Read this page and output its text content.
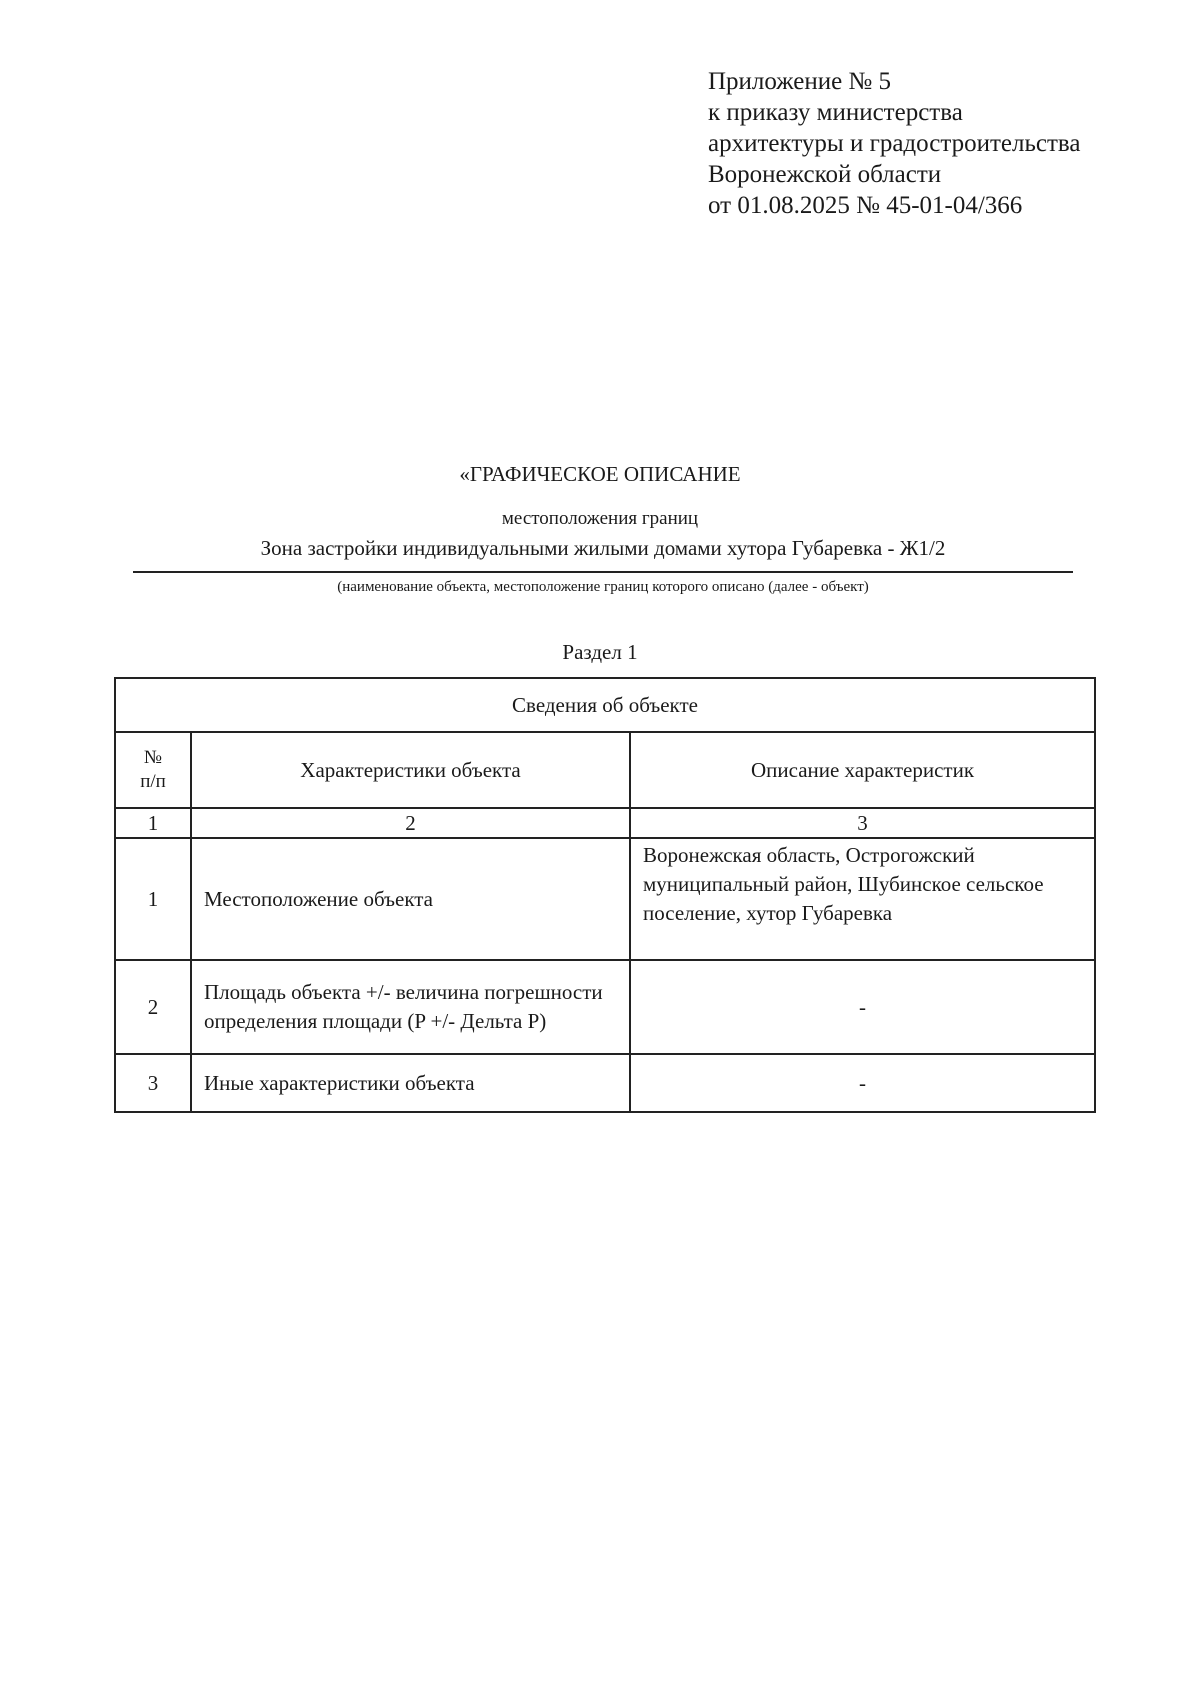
Приложение № 5
к приказу министерства
архитектуры и градостроительства
Воронежской области
от 01.08.2025 № 45-01-04/366
«ГРАФИЧЕСКОЕ ОПИСАНИЕ
местоположения границ
Зона застройки индивидуальными жилыми домами хутора Губаревка - Ж1/2
(наименование объекта, местоположение границ которого описано (далее - объект)
Раздел 1
Сведения об объекте		

№
п/п	Характеристики объекта	Описание характеристик
1	2	3
1	Местоположение объекта	Воронежская область, Острогожский муниципальный район, Шубинское сельское поселение, хутор Губаревка
2	Площадь объекта +/- величина погрешности определения площади (P +/- Дельта P)	-
3	Иные характеристики объекта	-
